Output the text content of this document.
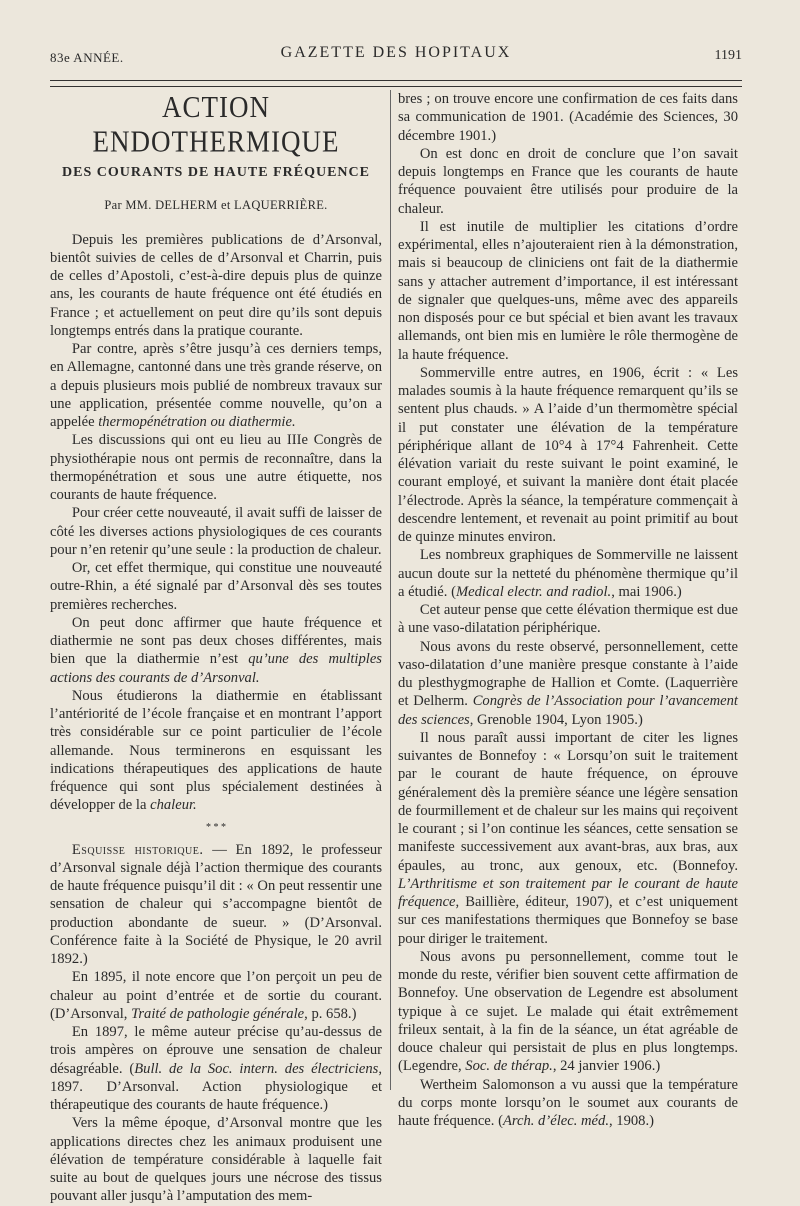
83e ANNÉE.	GAZETTE DES HOPITAUX	1191
ACTION ENDOTHERMIQUE
DES COURANTS DE HAUTE FRÉQUENCE
Par MM. DELHERM et LAQUERRIÈRE.

Depuis les premières publications de d’Arsonval, bientôt suivies de celles de d’Arsonval et Charrin, puis de celles d’Apostoli, c’est-à-dire depuis plus de quinze ans, les courants de haute fréquence ont été étudiés en France ; et actuellement on peut dire qu’ils sont depuis longtemps entrés dans la pratique courante.

Par contre, après s’être jusqu’à ces derniers temps, en Allemagne, cantonné dans une très grande réserve, on a depuis plusieurs mois publié de nombreux travaux sur une application, présentée comme nouvelle, qu’on a appelée thermopénétration ou diathermie.

Les discussions qui ont eu lieu au IIIe Congrès de physiothérapie nous ont permis de reconnaître, dans la thermopénétration et sous une autre étiquette, nos courants de haute fréquence.

Pour créer cette nouveauté, il avait suffi de laisser de côté les diverses actions physiologiques de ces courants pour n’en retenir qu’une seule : la production de chaleur.

Or, cet effet thermique, qui constitue une nouveauté outre-Rhin, a été signalé par d’Arsonval dès ses toutes premières recherches.

On peut donc affirmer que haute fréquence et diathermie ne sont pas deux choses différentes, mais bien que la diathermie n’est qu’une des multiples actions des courants de d’Arsonval.

Nous étudierons la diathermie en établissant l’antériorité de l’école française et en montrant l’apport très considérable sur ce point particulier de l’école allemande. Nous terminerons en esquissant les indications thérapeutiques des applications de haute fréquence qui sont plus spécialement destinées à développer de la chaleur.

* * *

Esquisse historique. — En 1892, le professeur d’Arsonval signale déjà l’action thermique des courants de haute fréquence puisqu’il dit : « On peut ressentir une sensation de chaleur qui s’accompagne bientôt de production abondante de sueur. » (D’Arsonval. Conférence faite à la Société de Physique, le 20 avril 1892.)

En 1895, il note encore que l’on perçoit un peu de chaleur au point d’entrée et de sortie du courant. (D’Arsonval, Traité de pathologie générale, p. 658.)

En 1897, le même auteur précise qu’au-dessus de trois ampères on éprouve une sensation de chaleur désagréable. (Bull. de la Soc. intern. des électriciens, 1897. D’Arsonval. Action physiologique et thérapeutique des courants de haute fréquence.)

Vers la même époque, d’Arsonval montre que les applications directes chez les animaux produisent une élévation de température considérable à laquelle fait suite au bout de quelques jours une nécrose des tissus pouvant aller jusqu’à l’amputation des mem-

bres ; on trouve encore une confirmation de ces faits dans sa communication de 1901. (Académie des Sciences, 30 décembre 1901.)

On est donc en droit de conclure que l’on savait depuis longtemps en France que les courants de haute fréquence pouvaient être utilisés pour produire de la chaleur.

Il est inutile de multiplier les citations d’ordre expérimental, elles n’ajouteraient rien à la démonstration, mais si beaucoup de cliniciens ont fait de la diathermie sans y attacher autrement d’importance, il est intéressant de signaler que quelques-uns, même avec des appareils non disposés pour ce but spécial et bien avant les travaux allemands, ont bien mis en lumière le rôle thermogène de la haute fréquence.

Sommerville entre autres, en 1906, écrit : « Les malades soumis à la haute fréquence remarquent qu’ils se sentent plus chauds. » A l’aide d’un thermomètre spécial il put constater une élévation de la température périphérique allant de 10°4 à 17°4 Fahrenheit. Cette élévation variait du reste suivant le point examiné, le courant employé, et suivant la manière dont était placée l’électrode. Après la séance, la température commençait à descendre lentement, et revenait au point primitif au bout de quinze minutes environ.

Les nombreux graphiques de Sommerville ne laissent aucun doute sur la netteté du phénomène thermique qu’il a étudié. (Medical electr. and radiol., mai 1906.)

Cet auteur pense que cette élévation thermique est due à une vaso-dilatation périphérique.

Nous avons du reste observé, personnellement, cette vaso-dilatation d’une manière presque constante à l’aide du plesthygmographe de Hallion et Comte. (Laquerrière et Delherm. Congrès de l’Association pour l’avancement des sciences, Grenoble 1904, Lyon 1905.)

Il nous paraît aussi important de citer les lignes suivantes de Bonnefoy : « Lorsqu’on suit le traitement par le courant de haute fréquence, on éprouve généralement dès la première séance une légère sensation de fourmillement et de chaleur sur les mains qui reçoivent le courant ; si l’on continue les séances, cette sensation se manifeste successivement aux avant-bras, aux bras, aux épaules, au tronc, aux genoux, etc. (Bonnefoy. L’Arthritisme et son traitement par le courant de haute fréquence, Baillière, éditeur, 1907), et c’est uniquement sur ces manifestations thermiques que Bonnefoy se base pour diriger le traitement.

Nous avons pu personnellement, comme tout le monde du reste, vérifier bien souvent cette affirmation de Bonnefoy. Une observation de Legendre est absolument typique à ce sujet. Le malade qui était extrêmement frileux sentait, à la fin de la séance, un état agréable de douce chaleur qui persistait de plus en plus longtemps. (Legendre, Soc. de thérap., 24 janvier 1906.)

Wertheim Salomonson a vu aussi que la température du corps monte lorsqu’on le soumet aux courants de haute fréquence. (Arch. d’élec. méd., 1908.)
